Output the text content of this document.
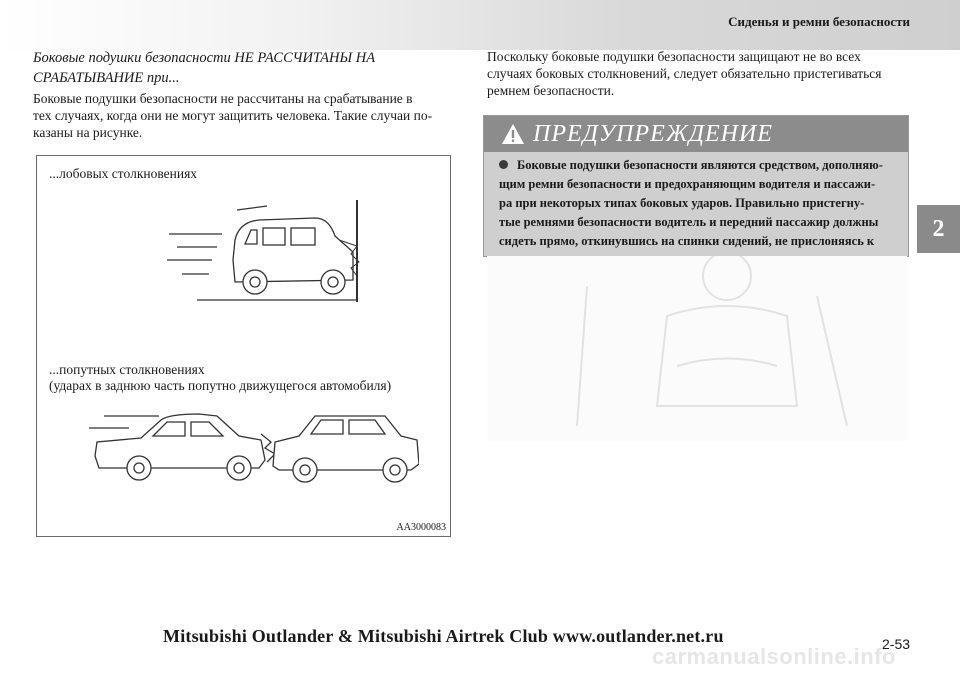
Сиденья и ремни безопасности
2

Боковые подушки безопасности НЕ РАССЧИТАНЫ НА

СРАБАТЫВАНИЕ при...

Боковые подушки безопасности не рассчитаны на срабатывание в

тех случаях, когда они не могут защитить человека. Такие случаи по-

казаны на рисунке.

...лобовых столкновениях
...попутных столкновениях
(ударах в заднюю часть попутно движущегося автомобиля)
AA3000083

Поскольку боковые подушки безопасности защищают не во всех

случаях боковых столкновений, следует обязательно пристегиваться

ремнем безопасности.

ПРЕДУПРЕЖДЕНИЕ
Боковые подушки безопасности являются средством, дополняю-
щим ремни безопасности и предохраняющим водителя и пассажи-
ра при некоторых типах боковых ударов. Правильно пристегну-
тые ремнями безопасности водитель и передний пассажир должны
сидеть прямо, откинувшись на спинки сидений, не прислоняясь к
Mitsubishi Outlander & Mitsubishi Airtrek Club www.outlander.net.ru	2-53
carmanualsonline.info
